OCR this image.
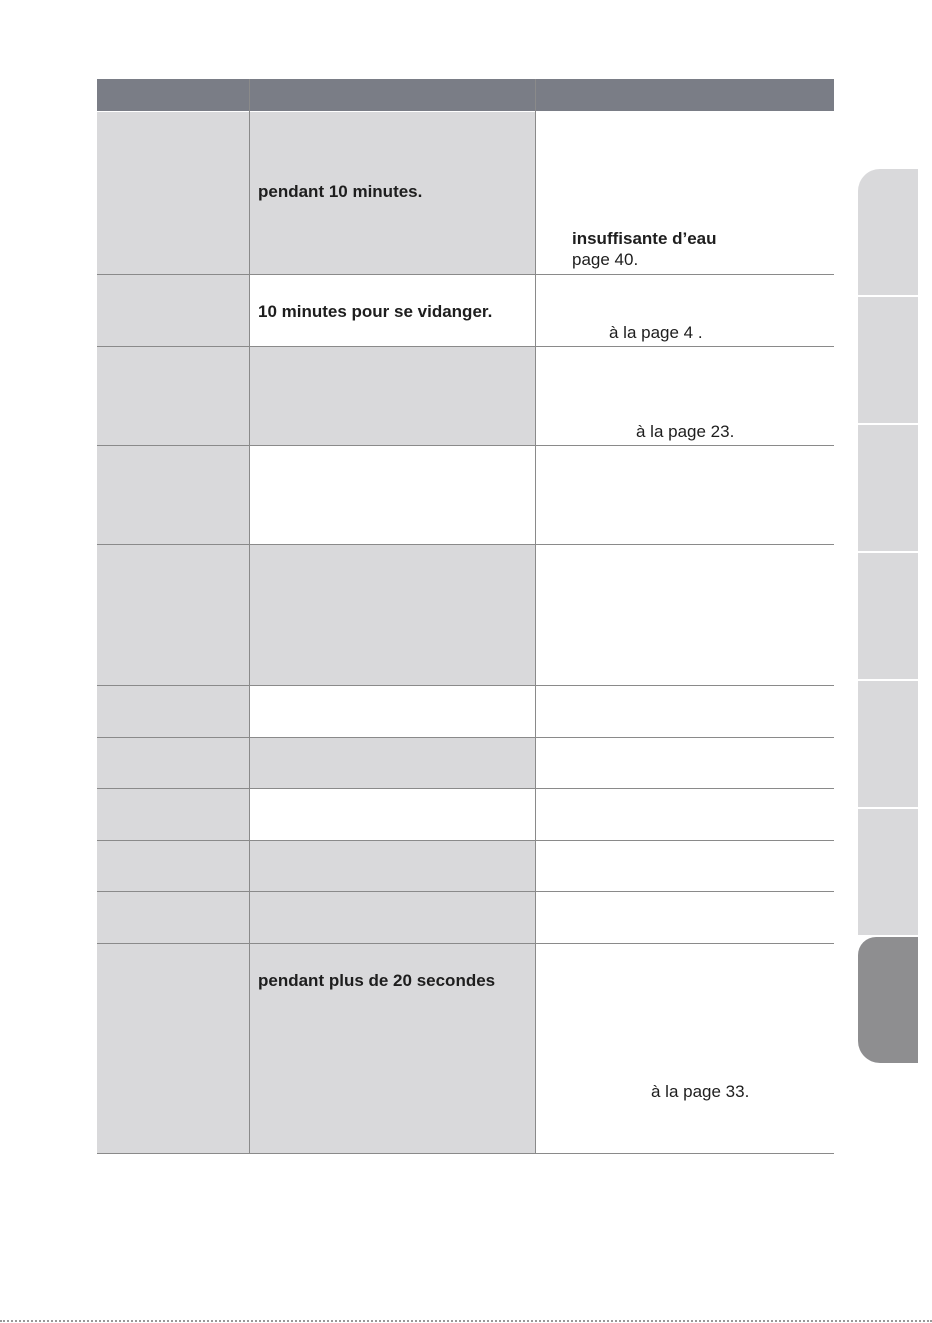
pendant 10 minutes.
insuffisante d’eau
page 40.
10 minutes pour se vidanger.
à la page 4 .
à la page 23.
pendant plus de 20 secondes
à la page 33.
